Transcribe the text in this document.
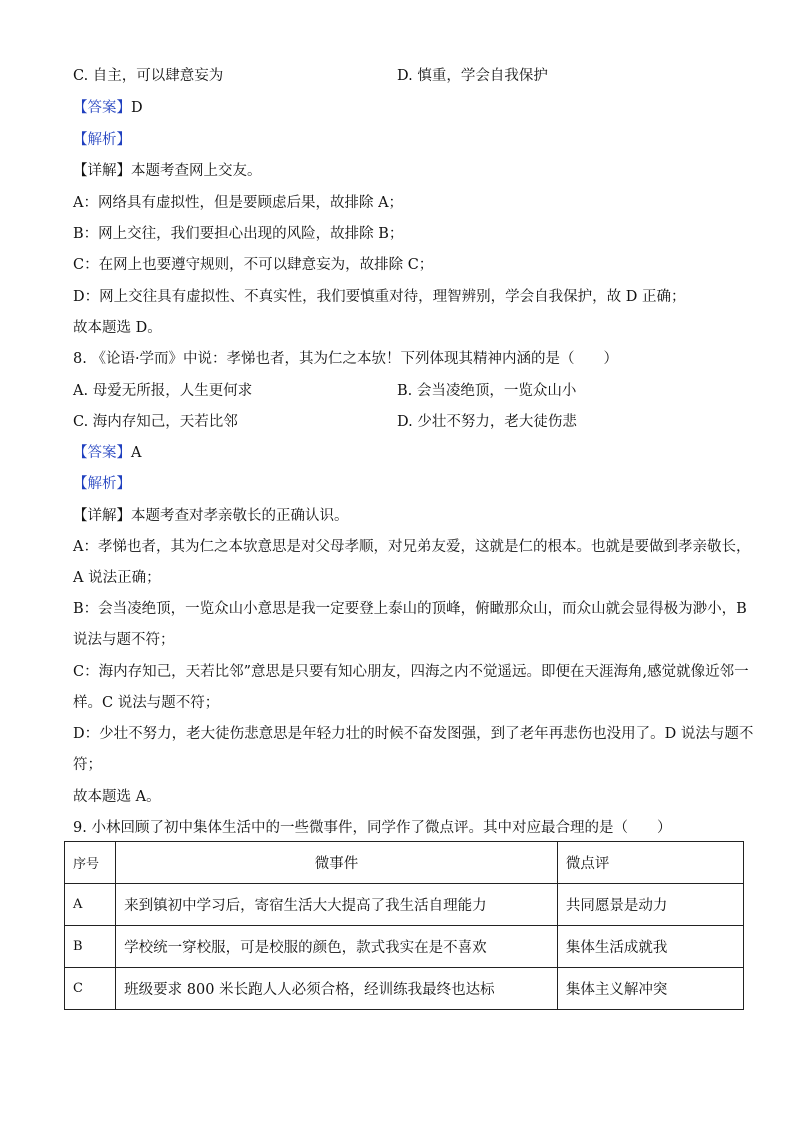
C. 自主，可以肆意妄为	D. 慎重，学会自我保护
【答案】D
【解析】
【详解】本题考查网上交友。
A：网络具有虚拟性，但是要顾虑后果，故排除 A；
B：网上交往，我们要担心出现的风险，故排除 B；
C：在网上也要遵守规则，不可以肆意妄为，故排除 C；
D：网上交往具有虚拟性、不真实性，我们要慎重对待，理智辨别，学会自我保护，故 D 正确；
故本题选 D。
8. 《论语·学而》中说：孝悌也者，其为仁之本欤！下列体现其精神内涵的是（　　）
A. 母爱无所报，人生更何求	B. 会当凌绝顶，一览众山小
C. 海内存知己，天若比邻	D. 少壮不努力，老大徒伤悲
【答案】A
【解析】
【详解】本题考查对孝亲敬长的正确认识。
A：孝悌也者，其为仁之本欤意思是对父母孝顺，对兄弟友爱，这就是仁的根本。也就是要做到孝亲敬长，
A 说法正确；
B：会当凌绝顶，一览众山小意思是我一定要登上泰山的顶峰，俯瞰那众山，而众山就会显得极为渺小，B
说法与题不符；
C：海内存知己，天若比邻”意思是只要有知心朋友，四海之内不觉遥远。即便在天涯海角,感觉就像近邻一
样。C 说法与题不符；
D：少壮不努力，老大徒伤悲意思是年轻力壮的时候不奋发图强，到了老年再悲伤也没用了。D 说法与题不
符；
故本题选 A。
9. 小林回顾了初中集体生活中的一些微事件，同学作了微点评。其中对应最合理的是（　　）
序号	微事件	微点评
A	来到镇初中学习后，寄宿生活大大提高了我生活自理能力	共同愿景是动力
B	学校统一穿校服，可是校服的颜色，款式我实在是不喜欢	集体生活成就我
C	班级要求 800 米长跑人人必须合格，经训练我最终也达标	集体主义解冲突
